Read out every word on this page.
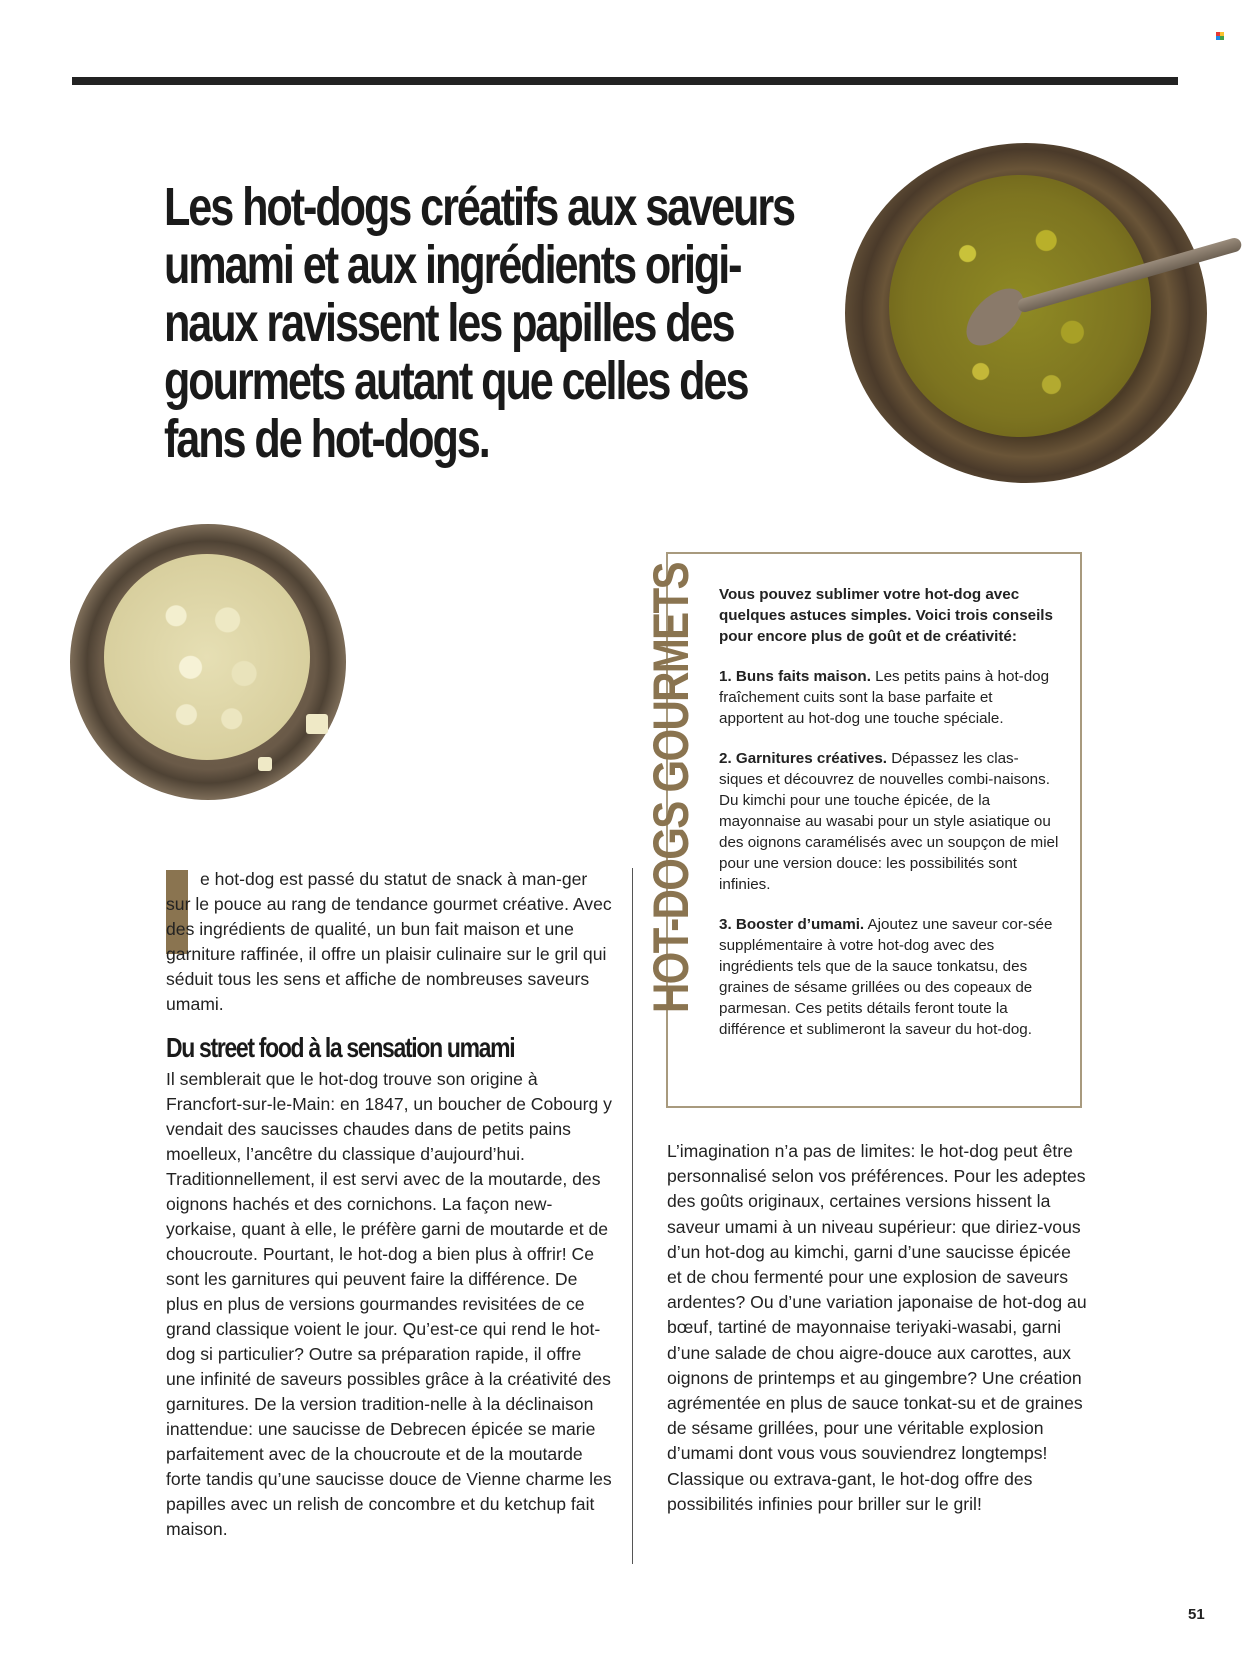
Les hot-dogs créatifs aux saveurs
umami et aux ingrédients origi-
naux ravissent les papilles des
gourmets autant que celles des
fans de hot-dogs.
HOT-DOGS GOURMETS Vous pouvez sublimer votre hot-dog avec quelques astuces simples. Voici trois conseils pour encore plus de goût et de créativité:

1. Buns faits maison. Les petits pains à hot-dog fraîchement cuits sont la base parfaite et apportent au hot-dog une touche spéciale.

2. Garnitures créatives. Dépassez les clas-siques et découvrez de nouvelles combi-naisons. Du kimchi pour une touche épicée, de la mayonnaise au wasabi pour un style asiatique ou des oignons caramélisés avec un soupçon de miel pour une version douce: les possibilités sont infinies.

3. Booster d’umami. Ajoutez une saveur cor-sée supplémentaire à votre hot-dog avec des ingrédients tels que de la sauce tonkatsu, des graines de sésame grillées ou des copeaux de parmesan. Ces petits détails feront toute la différence et sublimeront la saveur du hot-dog.

e hot-dog est passé du statut de snack à man-ger sur le pouce au rang de tendance gourmet créative. Avec des ingrédients de qualité, un bun fait maison et une garniture raffinée, il offre un plaisir culinaire sur le gril qui séduit tous les sens et affiche de nombreuses saveurs umami.

Du street food à la sensation umami

Il semblerait que le hot-dog trouve son origine à Francfort-sur-le-Main: en 1847, un boucher de Cobourg y vendait des saucisses chaudes dans de petits pains moelleux, l’ancêtre du classique d’aujourd’hui. Traditionnellement, il est servi avec de la moutarde, des oignons hachés et des cornichons. La façon new-yorkaise, quant à elle, le préfère garni de moutarde et de choucroute. Pourtant, le hot-dog a bien plus à offrir! Ce sont les garnitures qui peuvent faire la différence. De plus en plus de versions gourmandes revisitées de ce grand classique voient le jour. Qu’est-ce qui rend le hot-dog si particulier? Outre sa préparation rapide, il offre une infinité de saveurs possibles grâce à la créativité des garnitures. De la version tradition-nelle à la déclinaison inattendue: une saucisse de Debrecen épicée se marie parfaitement avec de la choucroute et de la moutarde forte tandis qu’une saucisse douce de Vienne charme les papilles avec un relish de concombre et du ketchup fait maison.

L’imagination n’a pas de limites: le hot-dog peut être personnalisé selon vos préférences. Pour les adeptes des goûts originaux, certaines versions hissent la saveur umami à un niveau supérieur: que diriez-vous d’un hot-dog au kimchi, garni d’une saucisse épicée et de chou fermenté pour une explosion de saveurs ardentes? Ou d’une variation japonaise de hot-dog au bœuf, tartiné de mayonnaise teriyaki-wasabi, garni d’une salade de chou aigre-douce aux carottes, aux oignons de printemps et au gingembre? Une création agrémentée en plus de sauce tonkat-su et de graines de sésame grillées, pour une véritable explosion d’umami dont vous vous souviendrez longtemps! Classique ou extrava-gant, le hot-dog offre des possibilités infinies pour briller sur le gril!

51
